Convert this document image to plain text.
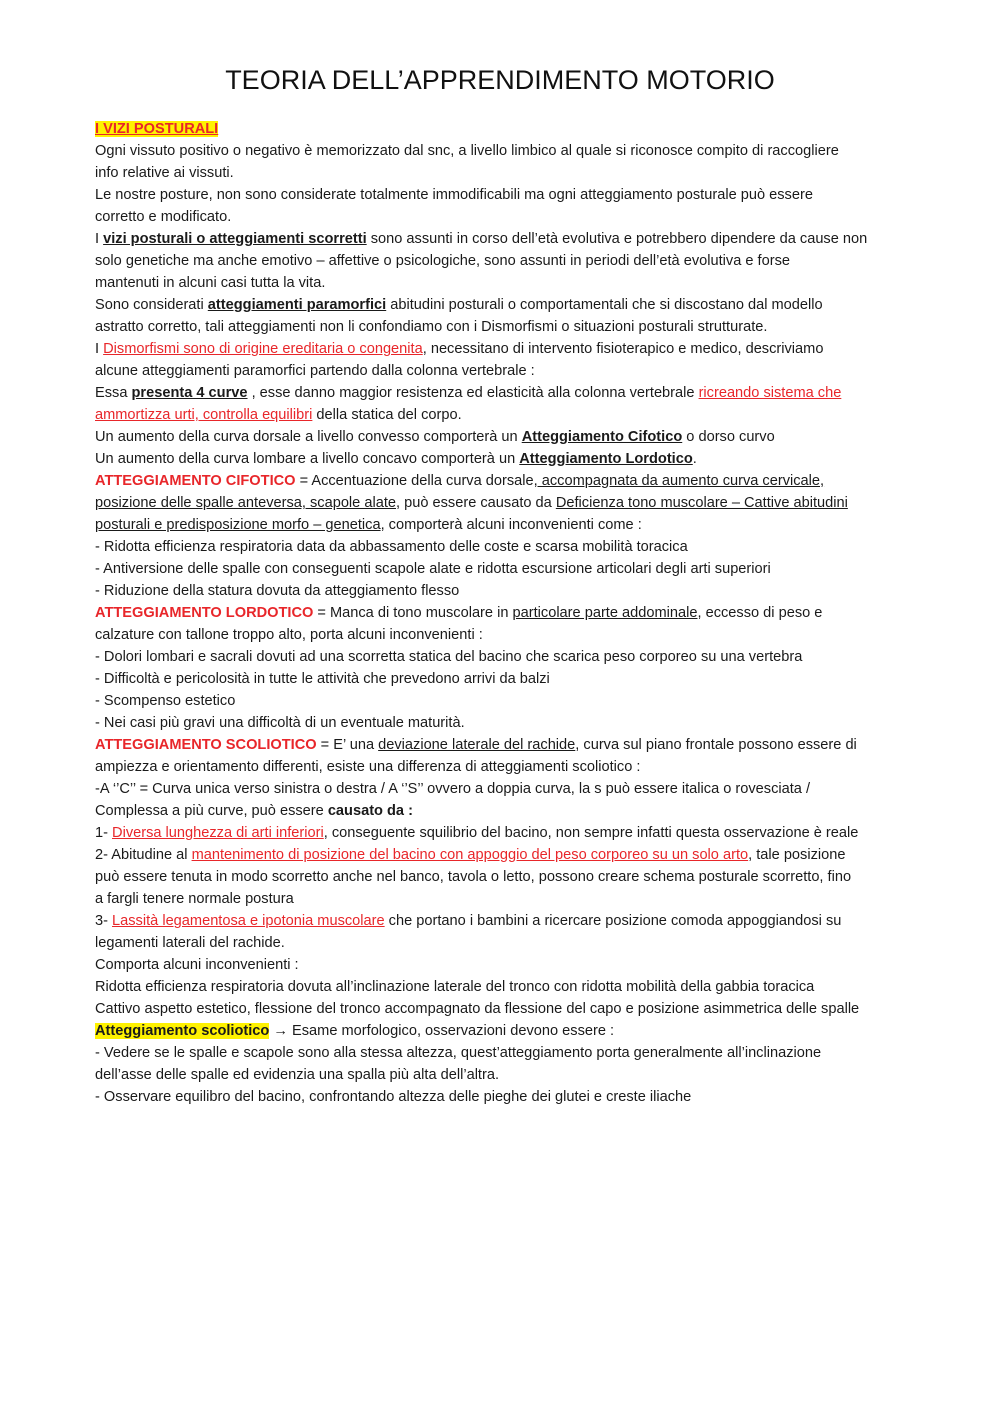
TEORIA DELL’APPRENDIMENTO MOTORIO
I VIZI POSTURALI
Ogni vissuto positivo o negativo è memorizzato dal snc, a livello limbico al quale si riconosce compito di raccogliere
info relative ai vissuti.
Le nostre posture, non sono considerate totalmente immodificabili ma ogni atteggiamento posturale può essere
corretto e modificato.
I vizi posturali o atteggiamenti scorretti sono assunti in corso dell’età evolutiva e potrebbero dipendere da cause non
solo genetiche ma anche emotivo – affettive o psicologiche, sono assunti in periodi dell’età evolutiva e forse
mantenuti in alcuni casi tutta la vita.
Sono considerati atteggiamenti paramorfici abitudini posturali o comportamentali che si discostano dal modello
astratto corretto, tali atteggiamenti non li confondiamo con i Dismorfismi o situazioni posturali strutturate.
I Dismorfismi sono di origine ereditaria o congenita, necessitano di intervento fisioterapico e medico, descriviamo
alcune atteggiamenti paramorfici partendo dalla colonna vertebrale :
Essa presenta 4 curve , esse danno maggior resistenza ed elasticità alla colonna vertebrale ricreando sistema che
ammortizza urti, controlla equilibri della statica del corpo.
Un aumento della curva dorsale a livello convesso comporterà un Atteggiamento Cifotico o dorso curvo
Un aumento della curva lombare a livello concavo comporterà un Atteggiamento Lordotico.
ATTEGGIAMENTO CIFOTICO = Accentuazione della curva dorsale, accompagnata da aumento curva cervicale,
posizione delle spalle anteversa, scapole alate, può essere causato da Deficienza tono muscolare – Cattive abitudini
posturali e predisposizione morfo – genetica, comporterà alcuni inconvenienti come :
- Ridotta efficienza respiratoria data da abbassamento delle coste e scarsa mobilità toracica
- Antiversione delle spalle con conseguenti scapole alate e ridotta escursione articolari degli arti superiori
- Riduzione della statura dovuta da atteggiamento flesso
ATTEGGIAMENTO LORDOTICO = Manca di tono muscolare in particolare parte addominale, eccesso di peso e
calzature con tallone troppo alto, porta alcuni inconvenienti :
- Dolori lombari e sacrali dovuti ad una scorretta statica del bacino che scarica peso corporeo su una vertebra
- Difficoltà e pericolosità in tutte le attività che prevedono arrivi da balzi
- Scompenso estetico
- Nei casi più gravi una difficoltà di un eventuale maturità.
ATTEGGIAMENTO SCOLIOTICO = E’ una deviazione laterale del rachide, curva sul piano frontale possono essere di
ampiezza e orientamento differenti, esiste una differenza di atteggiamenti scoliotico :
-A ‘’C’’ = Curva unica verso sinistra o destra / A ‘’S’’ ovvero a doppia curva, la s può essere italica o rovesciata /
Complessa a più curve, può essere causato da :
1- Diversa lunghezza di arti inferiori, conseguente squilibrio del bacino, non sempre infatti questa osservazione è reale
2- Abitudine al mantenimento di posizione del bacino con appoggio del peso corporeo su un solo arto, tale posizione
può essere tenuta in modo scorretto anche nel banco, tavola o letto, possono creare schema posturale scorretto, fino
a fargli tenere normale postura
3- Lassità legamentosa e ipotonia muscolare che portano i bambini a ricercare posizione comoda appoggiandosi su
legamenti laterali del rachide.
Comporta alcuni inconvenienti :
Ridotta efficienza respiratoria dovuta all’inclinazione laterale del tronco con ridotta mobilità della gabbia toracica
Cattivo aspetto estetico, flessione del tronco accompagnato da flessione del capo e posizione asimmetrica delle spalle
Atteggiamento scoliotico → Esame morfologico, osservazioni devono essere :
- Vedere se le spalle e scapole sono alla stessa altezza, quest’atteggiamento porta generalmente all’inclinazione
dell’asse delle spalle ed evidenzia una spalla più alta dell’altra.
- Osservare equilibro del bacino, confrontando altezza delle pieghe dei glutei e creste iliache
